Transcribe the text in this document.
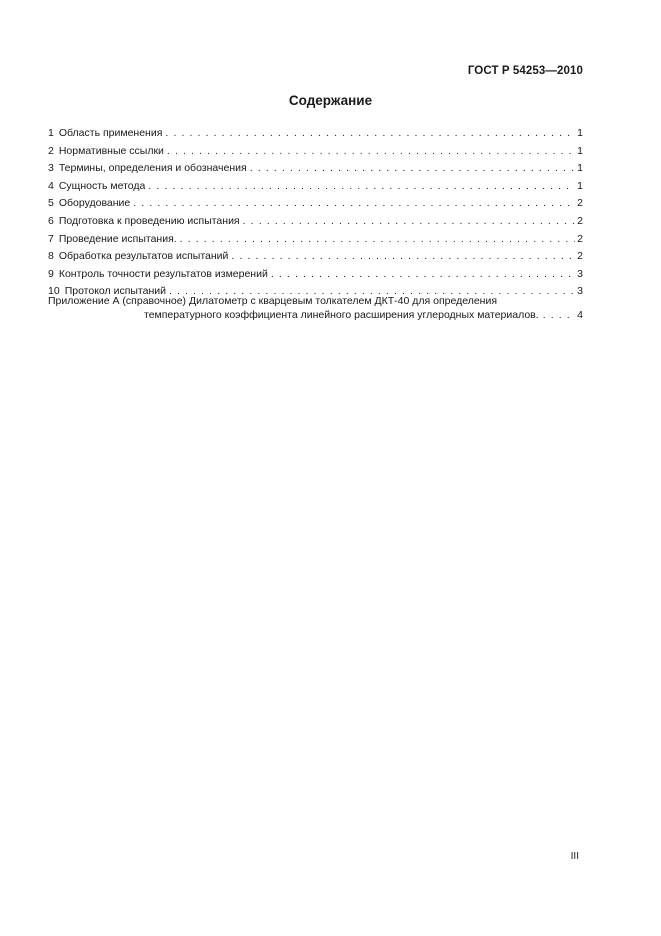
ГОСТ Р 54253—2010
Содержание
1 Область применения . . .	1
2 Нормативные ссылки . . .	1
3 Термины, определения и обозначения . . .	1
4 Сущность метода . . .	1
5 Оборудование . . .	2
6 Подготовка к проведению испытания . . .	2
7 Проведение испытания. . . .	2
8 Обработка результатов испытаний . . .	2
9 Контроль точности результатов измерений . . .	3
10 Протокол испытаний . . .	3
Приложение А (справочное) Дилатометр с кварцевым толкателем ДКТ-40 для определения
температурного коэффициента линейного расширения углеродных материалов. . . .	4
III
